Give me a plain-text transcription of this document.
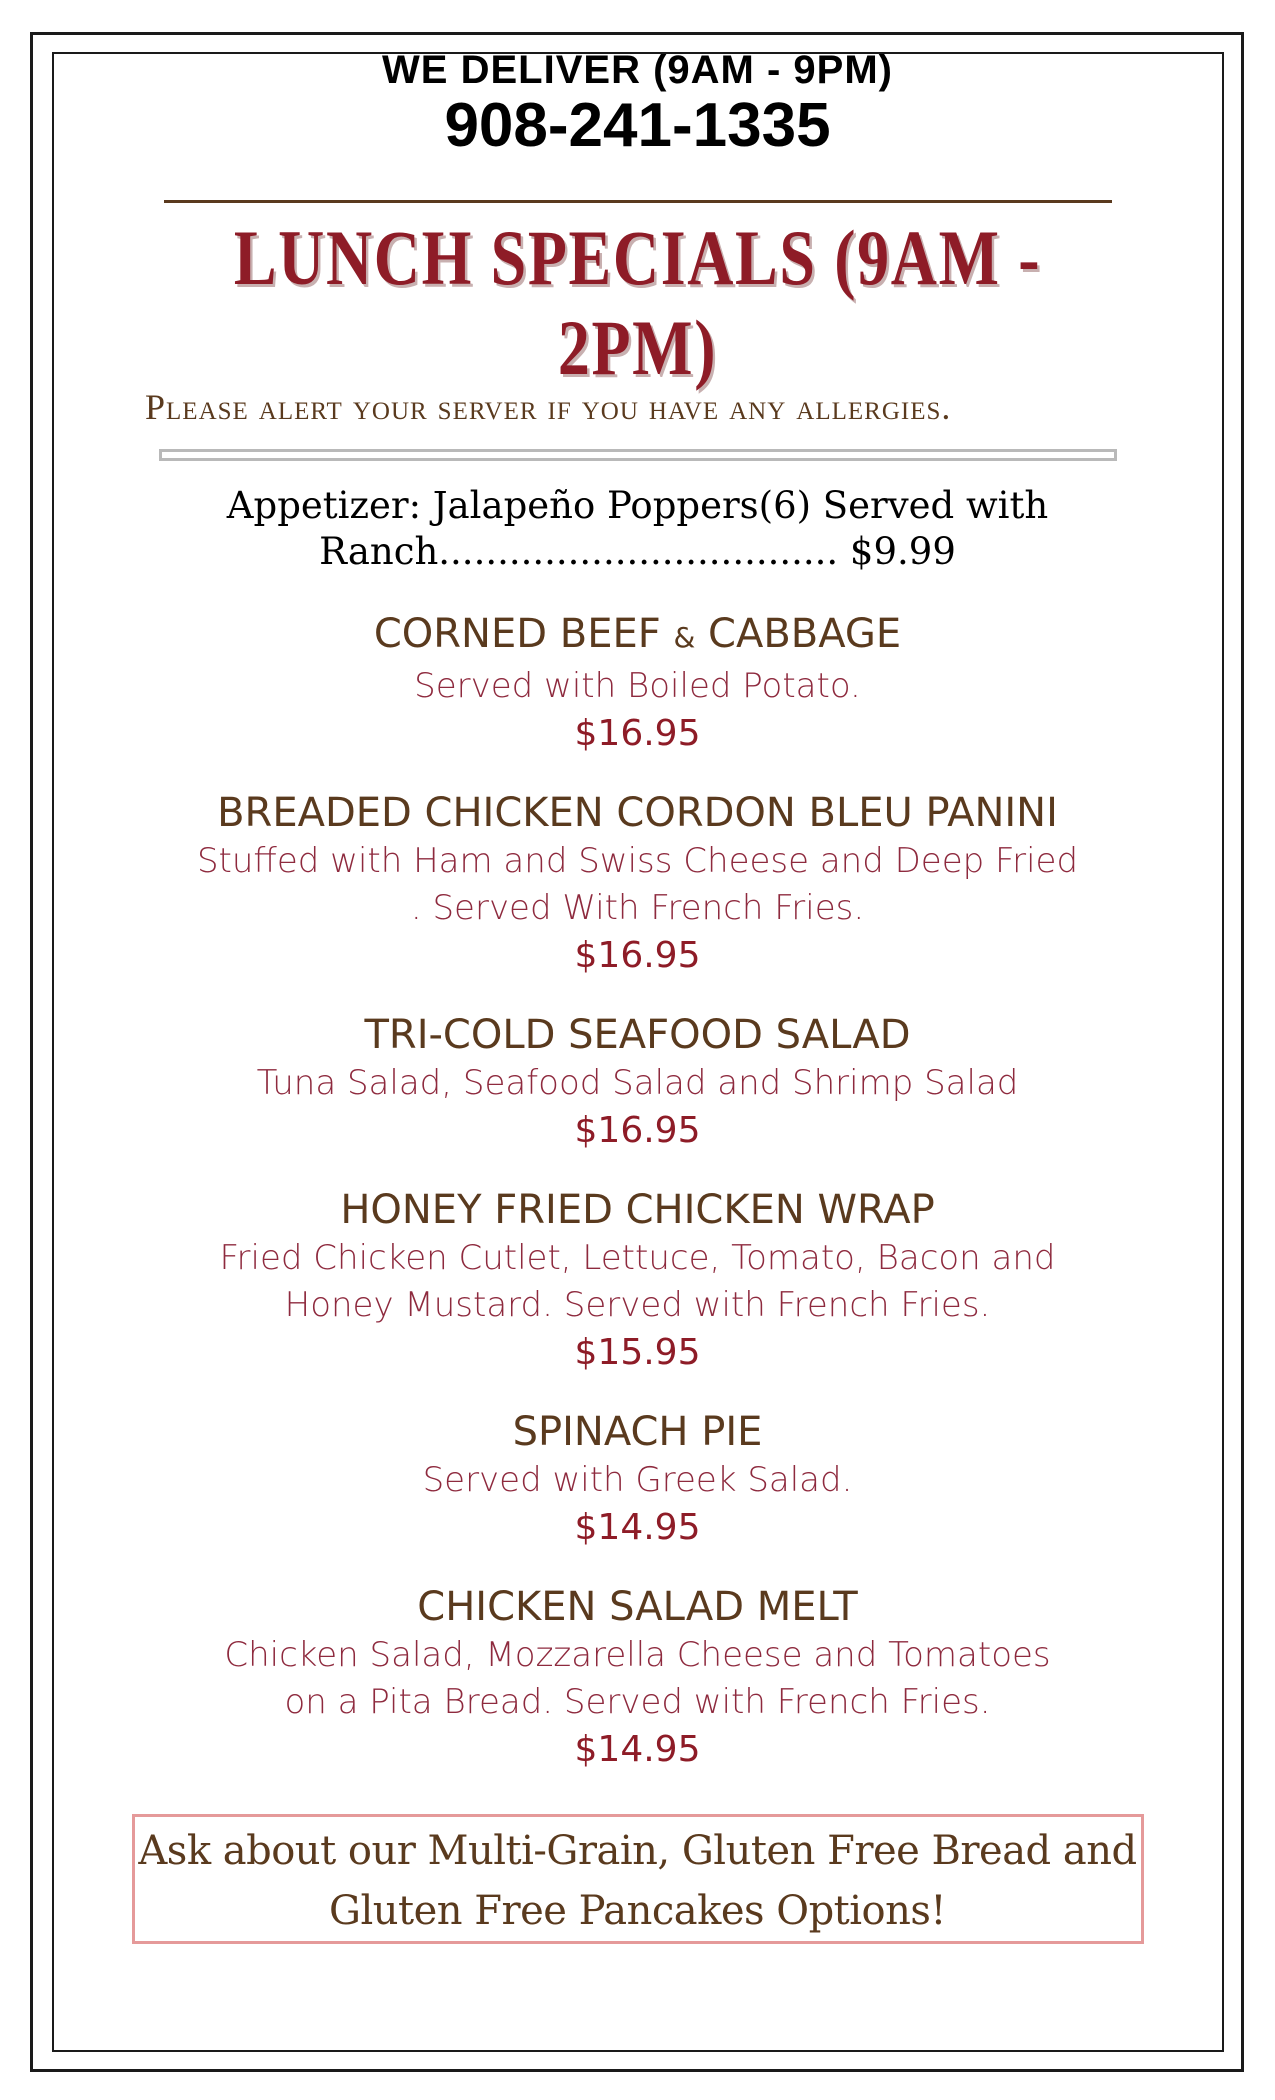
WE DELIVER (9AM - 9PM)

908-241-1335

LUNCH SPECIALS (9AM - 2PM)

Please alert your server if you have any allergies.

Appetizer: Jalapeño Poppers(6) Served with
Ranch.................................. $9.99

CORNED BEEF & CABBAGE

Served with Boiled Potato.

$16.95

BREADED CHICKEN CORDON BLEU PANINI

Stuffed with Ham and Swiss Cheese and Deep Fried

. Served With French Fries.

$16.95

TRI-COLD SEAFOOD SALAD

Tuna Salad, Seafood Salad and Shrimp Salad

$16.95

HONEY FRIED CHICKEN WRAP

Fried Chicken Cutlet, Lettuce, Tomato, Bacon and

Honey Mustard. Served with French Fries.

$15.95

SPINACH PIE

Served with Greek Salad.

$14.95

CHICKEN SALAD MELT

Chicken Salad, Mozzarella Cheese and Tomatoes

on a Pita Bread. Served with French Fries.

$14.95

Ask about our Multi-Grain, Gluten Free Bread and
Gluten Free Pancakes Options!
